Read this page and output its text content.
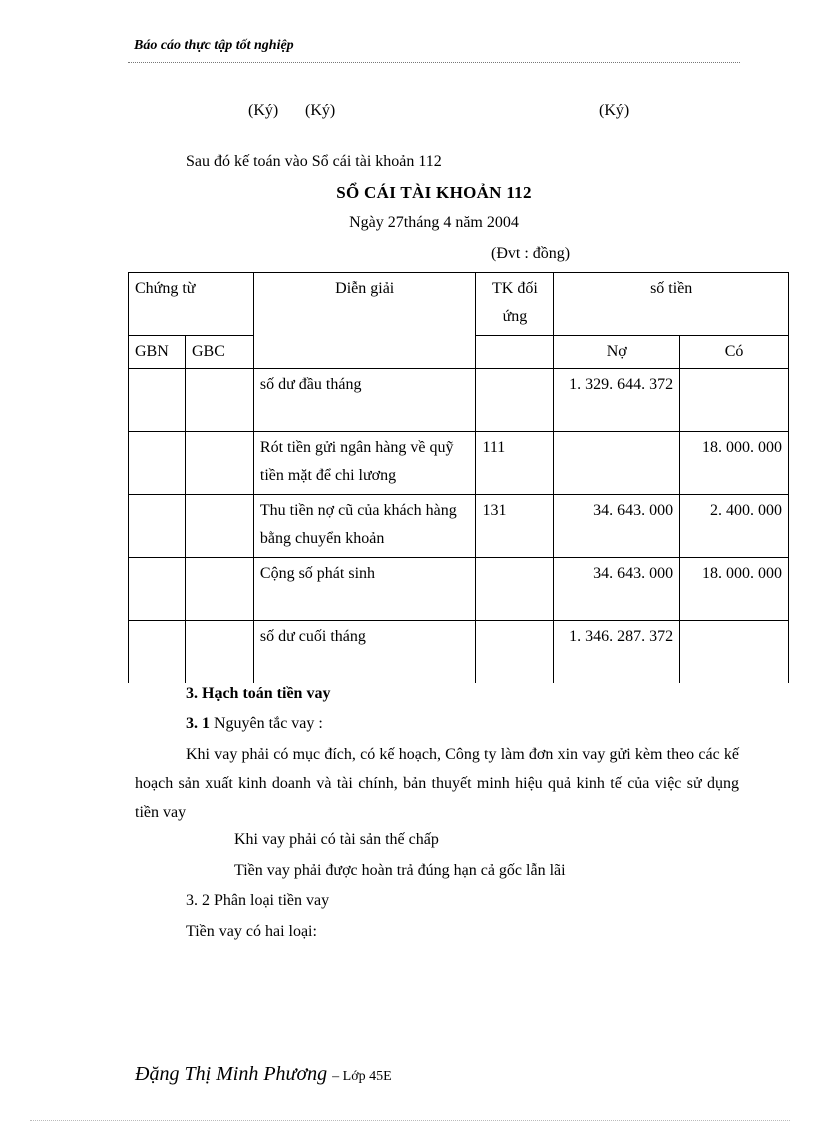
Báo cáo thực tập tốt nghiệp
(Ký) (Ký)	(Ký)
Sau đó kế toán vào Sổ cái tài khoản 112
SỔ CÁI TÀI KHOẢN 112
Ngày 27tháng 4 năm 2004
(Đvt : đồng)
Chứng từ		Diễn giải	TK đối ứng	số tiền	
GBN	GBC			Nợ	Có
		số dư đầu tháng		1. 329. 644. 372	
		Rót tiền gửi ngân hàng về quỹ tiền mặt để chi lương	111		18. 000. 000
		Thu tiền nợ cũ của khách hàng bằng chuyển khoản	131	34. 643. 000	2. 400. 000
		Cộng số phát sinh		34. 643. 000	18. 000. 000
		số dư cuối tháng		1. 346. 287. 372	
3. Hạch toán tiền vay
3. 1 Nguyên tắc vay :
Khi vay phải có mục đích, có kế hoạch, Công ty làm đơn xin vay gửi kèm theo các kế hoạch sản xuất kinh doanh và tài chính, bản thuyết minh hiệu quả kinh tế của việc sử dụng tiền vay
Khi vay phải có tài sản thế chấp
Tiền vay phải được hoàn trả đúng hạn cả gốc lẫn lãi
3. 2 Phân loại tiền vay
Tiền vay có hai loại:
Đặng Thị Minh Phương – Lớp 45E
